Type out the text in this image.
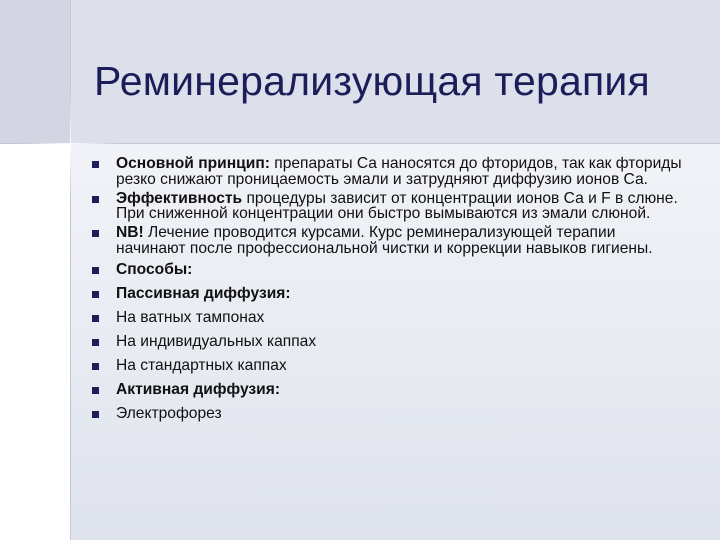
Реминерализующая терапия
Основной принцип: препараты Са наносятся до фторидов, так как фториды резко снижают проницаемость эмали и затрудняют диффузию ионов Са.
Эффективность процедуры зависит от концентрации ионов Са и F в слюне. При сниженной концентрации они быстро вымываются из эмали слюной.
NB! Лечение проводится курсами. Курс реминерализующей терапии начинают после профессиональной чистки и коррекции навыков гигиены.
Способы:
Пассивная диффузия:
На ватных тампонах
На индивидуальных каппах
На стандартных каппах
Активная диффузия:
Электрофорез
